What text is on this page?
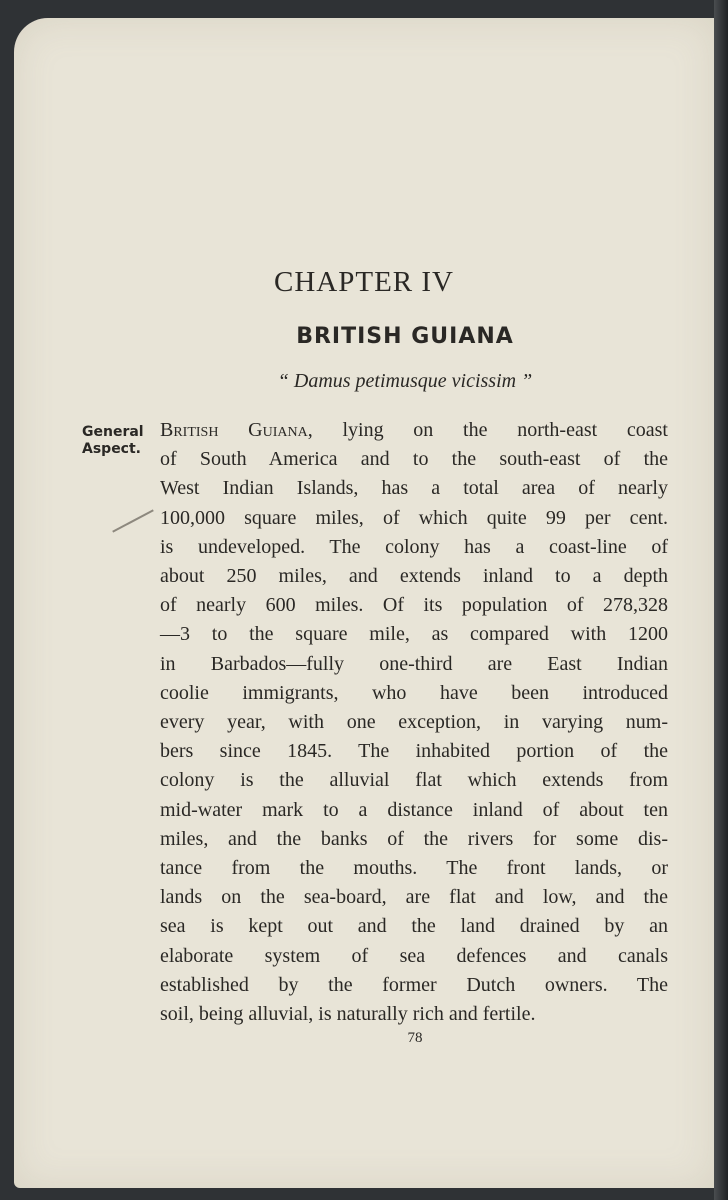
CHAPTER IV
BRITISH GUIANA
“ Damus petimusque vicissim ”
General
Aspect.
British Guiana, lying on the north-east coast
of South America and to the south-east of the
West Indian Islands, has a total area of nearly
100,000 square miles, of which quite 99 per cent.
is undeveloped. The colony has a coast-line of
about 250 miles, and extends inland to a depth
of nearly 600 miles. Of its population of 278,328
—3 to the square mile, as compared with 1200
in Barbados—fully one-third are East Indian
coolie immigrants, who have been introduced
every year, with one exception, in varying num-
bers since 1845. The inhabited portion of the
colony is the alluvial flat which extends from
mid-water mark to a distance inland of about ten
miles, and the banks of the rivers for some dis-
tance from the mouths. The front lands, or
lands on the sea-board, are flat and low, and the
sea is kept out and the land drained by an
elaborate system of sea defences and canals
established by the former Dutch owners. The
soil, being alluvial, is naturally rich and fertile.
78
